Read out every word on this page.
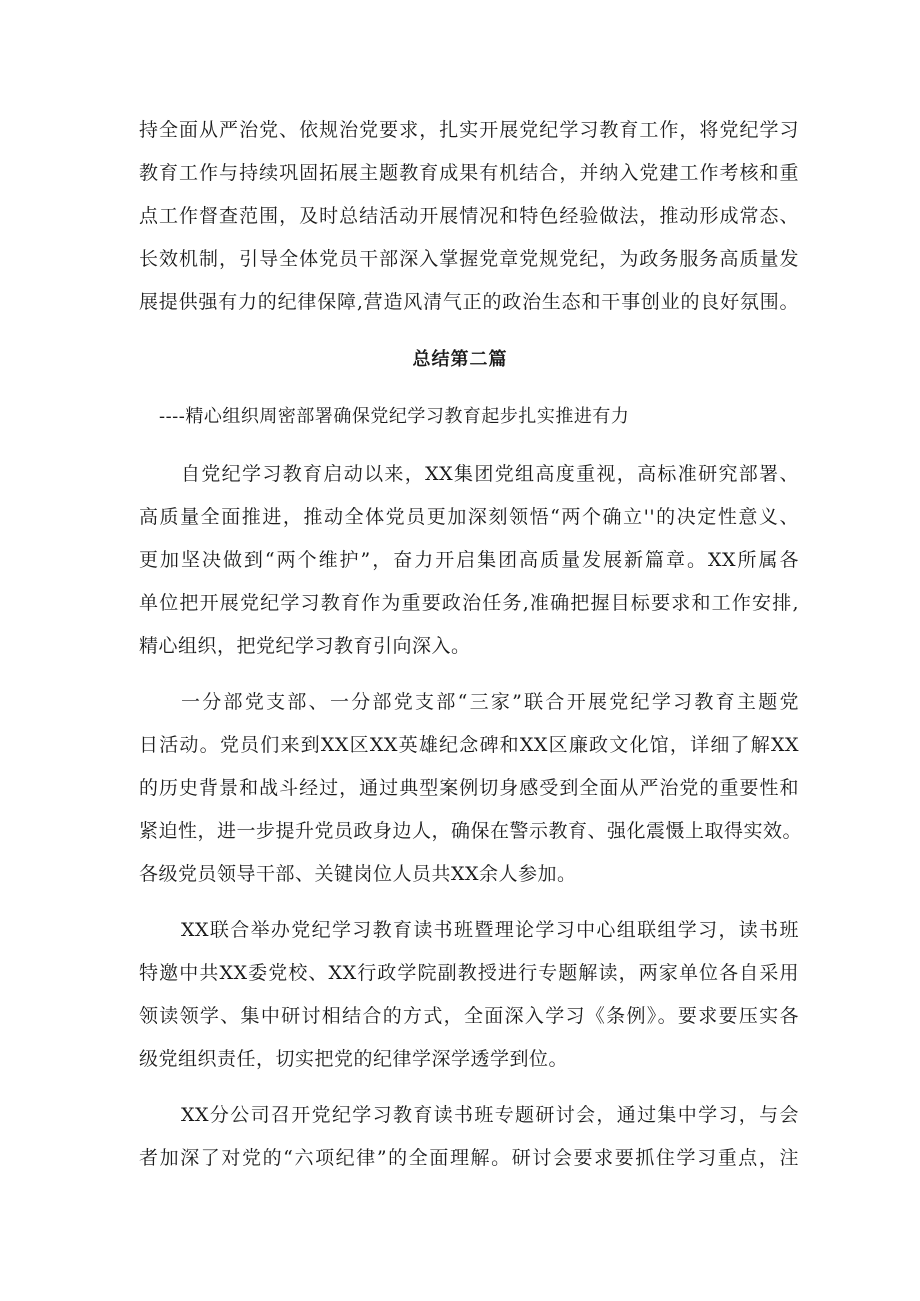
持全面从严治党、依规治党要求，扎实开展党纪学习教育工作，将党纪学习
教育工作与持续巩固拓展主题教育成果有机结合，并纳入党建工作考核和重
点工作督查范围，及时总结活动开展情况和特色经验做法，推动形成常态、
长效机制，引导全体党员干部深入掌握党章党规党纪，为政务服务高质量发
展提供强有力的纪律保障,营造风清气正的政治生态和干事创业的良好氛围。
总结第二篇
----精心组织周密部署确保党纪学习教育起步扎实推进有力
自党纪学习教育启动以来，XX集团党组高度重视，高标准研究部署、
高质量全面推进，推动全体党员更加深刻领悟“两个确立''的决定性意义、
更加坚决做到“两个维护”，奋力开启集团高质量发展新篇章。XX所属各
单位把开展党纪学习教育作为重要政治任务,准确把握目标要求和工作安排,
精心组织，把党纪学习教育引向深入。
一分部党支部、一分部党支部“三家”联合开展党纪学习教育主题党
日活动。党员们来到XX区XX英雄纪念碑和XX区廉政文化馆，详细了解XX
的历史背景和战斗经过，通过典型案例切身感受到全面从严治党的重要性和
紧迫性，进一步提升党员政身边人，确保在警示教育、强化震慑上取得实效。
各级党员领导干部、关键岗位人员共XX余人参加。
XX联合举办党纪学习教育读书班暨理论学习中心组联组学习，读书班
特邀中共XX委党校、XX行政学院副教授进行专题解读，两家单位各自采用
领读领学、集中研讨相结合的方式，全面深入学习《条例》。要求要压实各
级党组织责任，切实把党的纪律学深学透学到位。
XX分公司召开党纪学习教育读书班专题研讨会，通过集中学习，与会
者加深了对党的“六项纪律”的全面理解。研讨会要求要抓住学习重点，注
